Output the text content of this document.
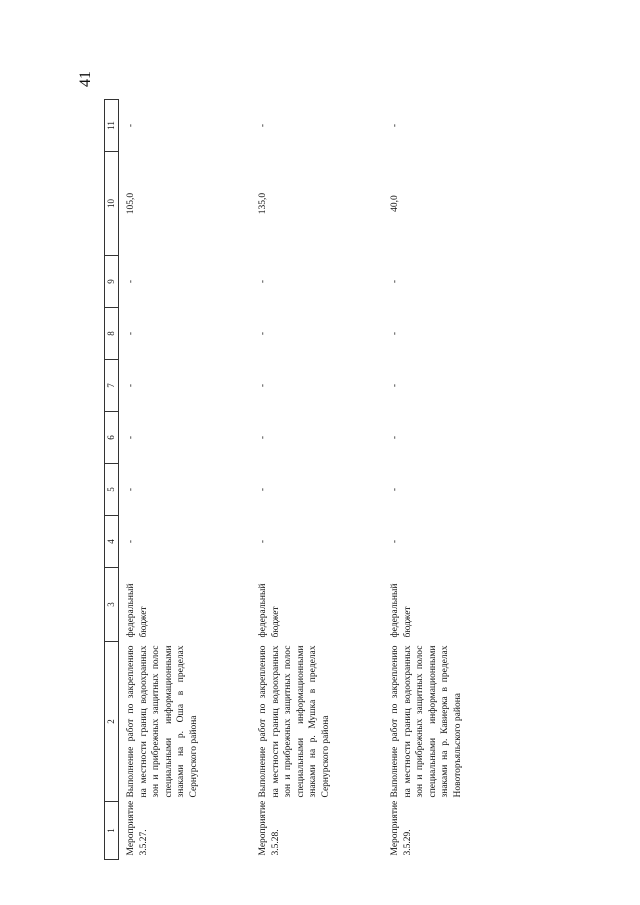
41
1	2	3	4	5	6	7	8	9	10	11
Мероприятие 3.5.27.	Выполнение работ по закреплению на местности границ водоохранных зон и прибрежных защитных полос специальными информационными знаками на р. Оша в пределах Сернурского района	федеральный бюджет	-	-	-	-	-	-	105,0	-
Мероприятие 3.5.28.	Выполнение работ по закреплению на местности границ водоохранных зон и прибрежных защитных полос специальными информационными знаками на р. Мушка в пределах Сернурского района	федеральный бюджет	-	-	-	-	-	-	135,0	-
Мероприятие 3.5.29.	Выполнение работ по закреплению на местности границ водоохранных зон и прибрежных защитных полос специальными информационными знаками на р. Кавиерка в пределах Новоторъяльского района	федеральный бюджет	-	-	-	-	-	-	40,0	-
